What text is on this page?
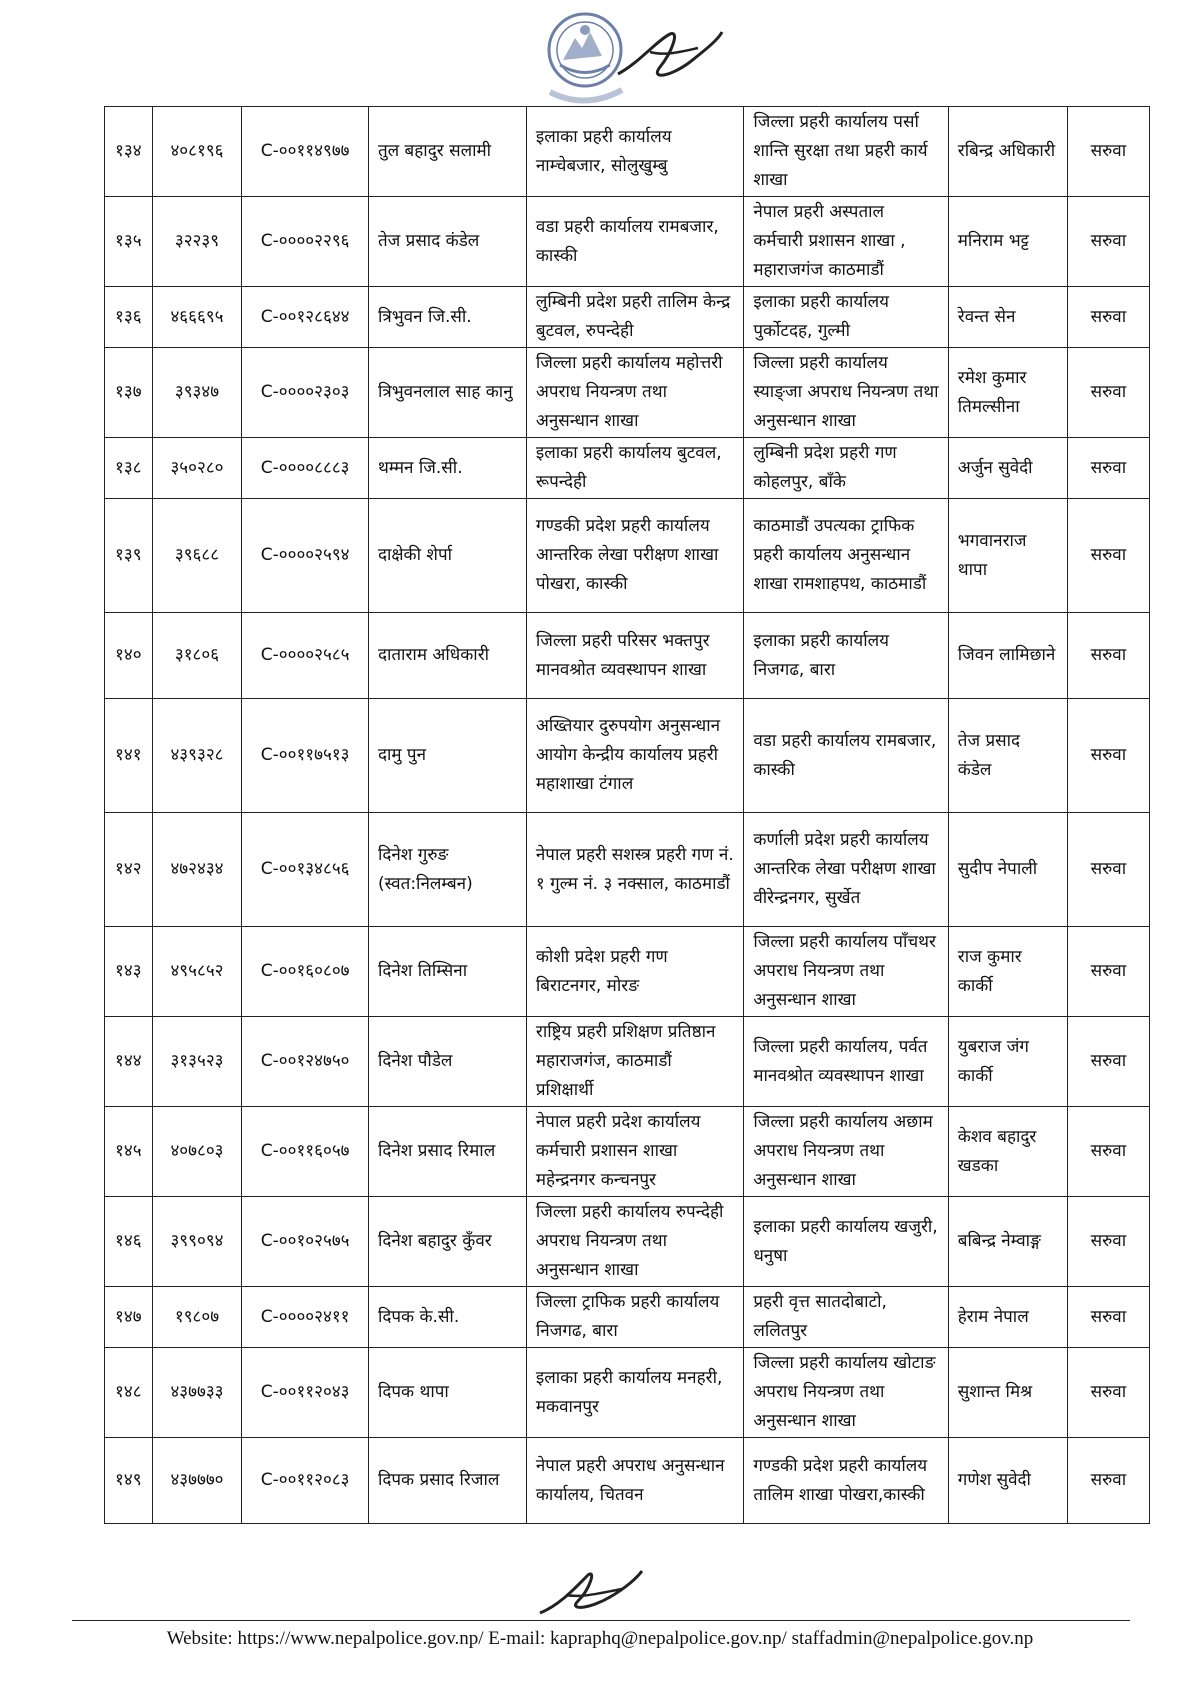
१३४	४०८१९६	C-००११४९७७	तुल बहादुर सलामी	इलाका प्रहरी कार्यालय नाम्चेबजार, सोलुखुम्बु	जिल्ला प्रहरी कार्यालय पर्सा शान्ति सुरक्षा तथा प्रहरी कार्य शाखा	रबिन्द्र अधिकारी	सरुवा
१३५	३२२३९	C-००००२२९६	तेज प्रसाद कंडेल	वडा प्रहरी कार्यालय रामबजार, कास्की	नेपाल प्रहरी अस्पताल कर्मचारी प्रशासन शाखा , महाराजगंज काठमाडौं	मनिराम भट्ट	सरुवा
१३६	४६६६९५	C-००१२८६४४	त्रिभुवन जि.सी.	लुम्बिनी प्रदेश प्रहरी तालिम केन्द्र बुटवल, रुपन्देही	इलाका प्रहरी कार्यालय पुर्कोटदह, गुल्मी	रेवन्त सेन	सरुवा
१३७	३९३४७	C-००००२३०३	त्रिभुवनलाल साह कानु	जिल्ला प्रहरी कार्यालय महोत्तरी अपराध नियन्त्रण तथा अनुसन्धान शाखा	जिल्ला प्रहरी कार्यालय स्याङ्जा अपराध नियन्त्रण तथा अनुसन्धान शाखा	रमेश कुमार तिमल्सीना	सरुवा
१३८	३५०२८०	C-००००८८८३	थम्मन जि.सी.	इलाका प्रहरी कार्यालय बुटवल, रूपन्देही	लुम्बिनी प्रदेश प्रहरी गण कोहलपुर, बाँके	अर्जुन सुवेदी	सरुवा
१३९	३९६८८	C-००००२५९४	दाक्षेकी शेर्पा	गण्डकी प्रदेश प्रहरी कार्यालय आन्तरिक लेखा परीक्षण शाखा पोखरा, कास्की	काठमाडौं उपत्यका ट्राफिक प्रहरी कार्यालय अनुसन्धान शाखा रामशाहपथ, काठमाडौं	भगवानराज थापा	सरुवा
१४०	३१८०६	C-००००२५८५	दाताराम अधिकारी	जिल्ला प्रहरी परिसर भक्तपुर मानवश्रोत व्यवस्थापन शाखा	इलाका प्रहरी कार्यालय निजगढ, बारा	जिवन लामिछाने	सरुवा
१४१	४३९३२८	C-००११७५१३	दामु पुन	अख्तियार दुरुपयोग अनुसन्धान आयोग केन्द्रीय कार्यालय प्रहरी महाशाखा टंगाल	वडा प्रहरी कार्यालय रामबजार, कास्की	तेज प्रसाद कंडेल	सरुवा
१४२	४७२४३४	C-००१३४८५६	दिनेश गुरुङ (स्वत:निलम्बन)	नेपाल प्रहरी सशस्त्र प्रहरी गण नं. १ गुल्म नं. ३ नक्साल, काठमाडौं	कर्णाली प्रदेश प्रहरी कार्यालय आन्तरिक लेखा परीक्षण शाखा वीरेन्द्रनगर, सुर्खेत	सुदीप नेपाली	सरुवा
१४३	४९५८५२	C-००१६०८०७	दिनेश तिम्सिना	कोशी प्रदेश प्रहरी गण बिराटनगर, मोरङ	जिल्ला प्रहरी कार्यालय पाँचथर अपराध नियन्त्रण तथा अनुसन्धान शाखा	राज कुमार कार्की	सरुवा
१४४	३१३५२३	C-००१२४७५०	दिनेश पौडेल	राष्ट्रिय प्रहरी प्रशिक्षण प्रतिष्ठान महाराजगंज, काठमाडौं प्रशिक्षार्थी	जिल्ला प्रहरी कार्यालय, पर्वत मानवश्रोत व्यवस्थापन शाखा	युबराज जंग कार्की	सरुवा
१४५	४०७८०३	C-००११६०५७	दिनेश प्रसाद रिमाल	नेपाल प्रहरी प्रदेश कार्यालय कर्मचारी प्रशासन शाखा महेन्द्रनगर कन्चनपुर	जिल्ला प्रहरी कार्यालय अछाम अपराध नियन्त्रण तथा अनुसन्धान शाखा	केशव बहादुर खडका	सरुवा
१४६	३९९०९४	C-००१०२५७५	दिनेश बहादुर कुँवर	जिल्ला प्रहरी कार्यालय रुपन्देही अपराध नियन्त्रण तथा अनुसन्धान शाखा	इलाका प्रहरी कार्यालय खजुरी, धनुषा	बबिन्द्र नेम्वाङ्ग	सरुवा
१४७	१९८०७	C-००००२४११	दिपक के.सी.	जिल्ला ट्राफिक प्रहरी कार्यालय निजगढ, बारा	प्रहरी वृत्त सातदोबाटो, ललितपुर	हेराम नेपाल	सरुवा
१४८	४३७७३३	C-००११२०४३	दिपक थापा	इलाका प्रहरी कार्यालय मनहरी, मकवानपुर	जिल्ला प्रहरी कार्यालय खोटाङ अपराध नियन्त्रण तथा अनुसन्धान शाखा	सुशान्त मिश्र	सरुवा
१४९	४३७७७०	C-००११२०८३	दिपक प्रसाद रिजाल	नेपाल प्रहरी अपराध अनुसन्धान कार्यालय, चितवन	गण्डकी प्रदेश प्रहरी कार्यालय तालिम शाखा पोखरा,कास्की	गणेश सुवेदी	सरुवा
Website: https://www.nepalpolice.gov.np/ E-mail: kapraphq@nepalpolice.gov.np/ staffadmin@nepalpolice.gov.np
